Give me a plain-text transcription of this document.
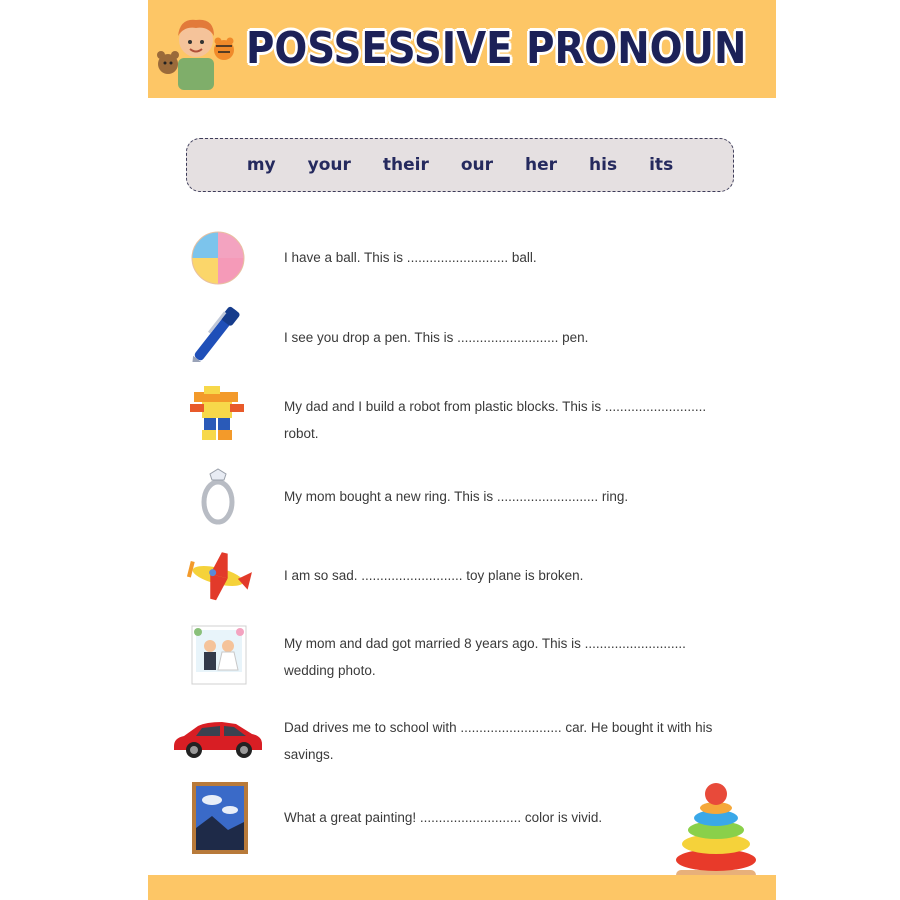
POSSESSIVE PRONOUN
my	your	their	our	her	his	its
I have a ball. This is ........................... ball.
I see you drop a pen. This is ........................... pen.
My dad and I build a robot from plastic blocks. This is ........................... robot.
My mom bought a new ring. This is ........................... ring.
I am so sad. ........................... toy plane is broken.
My mom and dad got married 8 years ago. This is ........................... wedding photo.
Dad drives me to school with ........................... car. He bought it with his savings.
What a great painting! ........................... color is vivid.
